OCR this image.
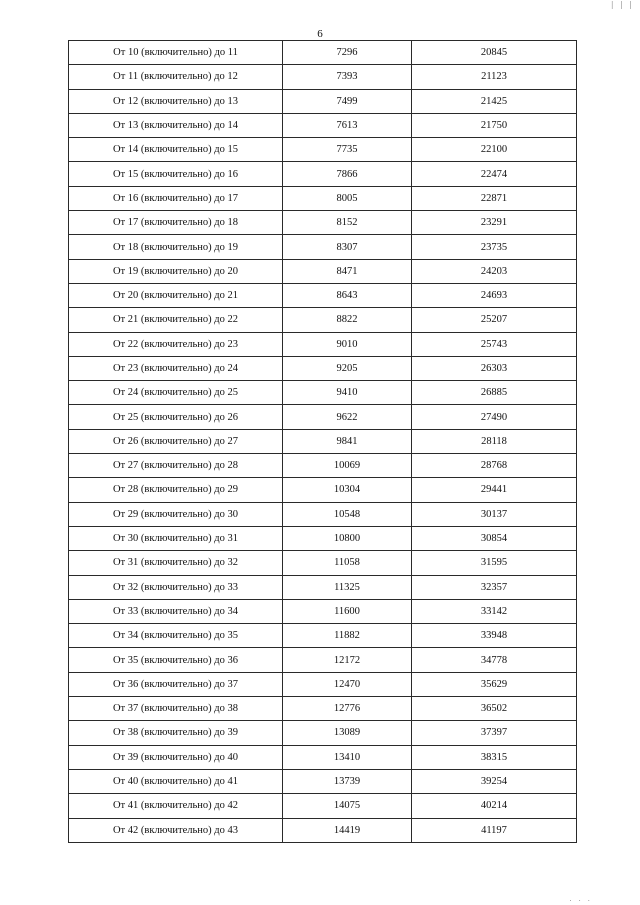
| | |
6
От 10 (включительно) до 11	7296	20845
От 11 (включительно) до 12	7393	21123
От 12 (включительно) до 13	7499	21425
От 13 (включительно) до 14	7613	21750
От 14 (включительно) до 15	7735	22100
От 15 (включительно) до 16	7866	22474
От 16 (включительно) до 17	8005	22871
От 17 (включительно) до 18	8152	23291
От 18 (включительно) до 19	8307	23735
От 19 (включительно) до 20	8471	24203
От 20 (включительно) до 21	8643	24693
От 21 (включительно) до 22	8822	25207
От 22 (включительно) до 23	9010	25743
От 23 (включительно) до 24	9205	26303
От 24 (включительно) до 25	9410	26885
От 25 (включительно) до 26	9622	27490
От 26 (включительно) до 27	9841	28118
От 27 (включительно) до 28	10069	28768
От 28 (включительно) до 29	10304	29441
От 29 (включительно) до 30	10548	30137
От 30 (включительно) до 31	10800	30854
От 31 (включительно) до 32	11058	31595
От 32 (включительно) до 33	11325	32357
От 33 (включительно) до 34	11600	33142
От 34 (включительно) до 35	11882	33948
От 35 (включительно) до 36	12172	34778
От 36 (включительно) до 37	12470	35629
От 37 (включительно) до 38	12776	36502
От 38 (включительно) до 39	13089	37397
От 39 (включительно) до 40	13410	38315
От 40 (включительно) до 41	13739	39254
От 41 (включительно) до 42	14075	40214
От 42 (включительно) до 43	14419	41197
. . .
